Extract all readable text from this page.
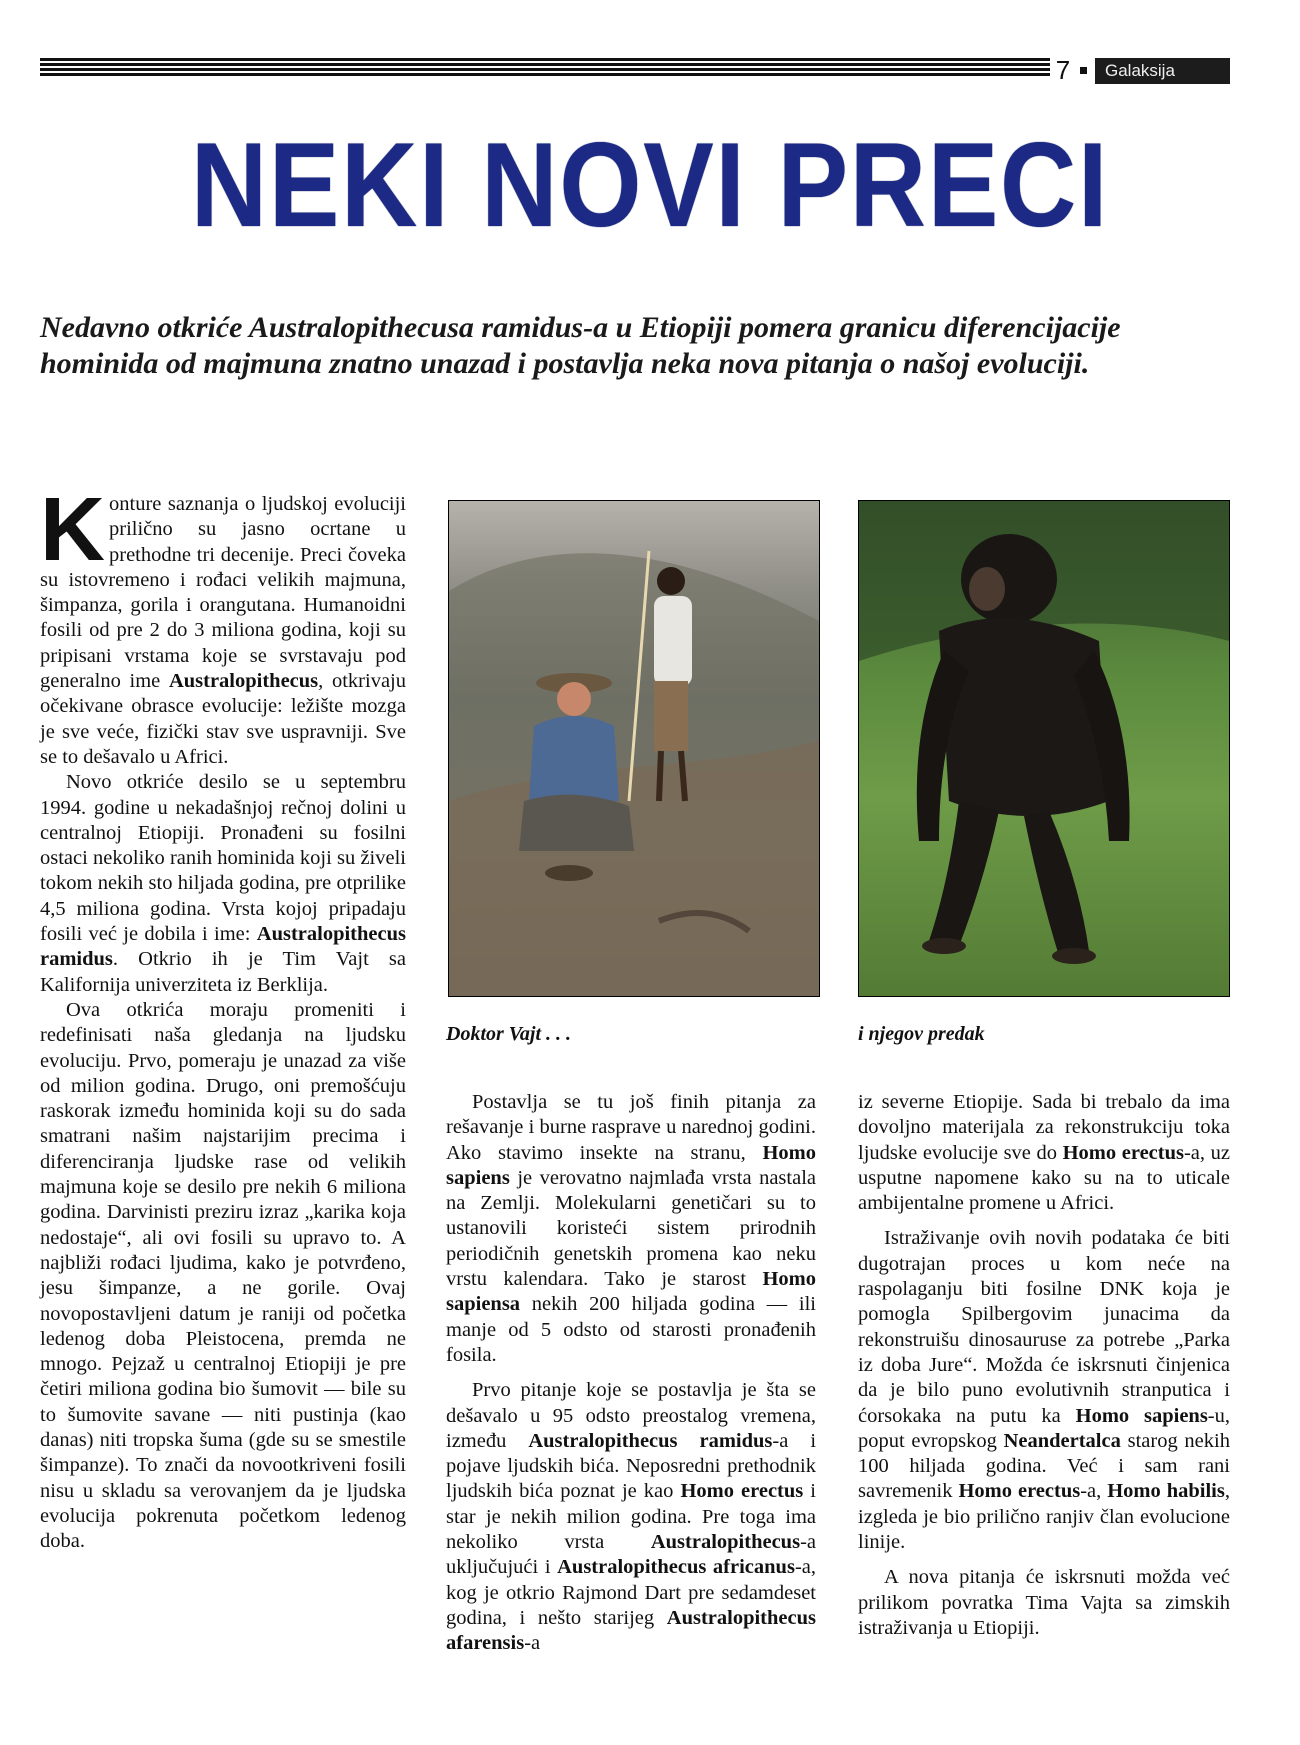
7	Galaksija
NEKI NOVI PRECI
Nedavno otkriće Australopithecusa ramidus-a u Etiopiji pomera granicu diferencijacije hominida od majmuna znatno unazad i postavlja neka nova pitanja o našoj evoluciji.

Konture saznanja o ljudskoj evoluciji prilično su jasno ocrtane u prethodne tri decenije. Preci čoveka su istovremeno i rođaci velikih majmuna, šimpanza, gorila i orangutana. Humanoidni fosili od pre 2 do 3 miliona godina, koji su pripisani vrstama koje se svrstavaju pod generalno ime Australopithecus, otkrivaju očekivane obrasce evolucije: ležište mozga je sve veće, fizički stav sve uspravniji. Sve se to dešavalo u Africi.

Novo otkriće desilo se u septembru 1994. godine u nekadašnjoj rečnoj dolini u centralnoj Etiopiji. Pronađeni su fosilni ostaci nekoliko ranih hominida koji su živeli tokom nekih sto hiljada godina, pre otprilike 4,5 miliona godina. Vrsta kojoj pripadaju fosili već je dobila i ime: Australopithecus ramidus. Otkrio ih je Tim Vajt sa Kalifornija univerziteta iz Berklija.

Ova otkrića moraju promeniti i redefinisati naša gledanja na ljudsku evoluciju. Prvo, pomeraju je unazad za više od milion godina. Drugo, oni premošćuju raskorak između hominida koji su do sada smatrani našim najstarijim precima i diferenciranja ljudske rase od velikih majmuna koje se desilo pre nekih 6 miliona godina. Darvinisti preziru izraz „karika koja nedostaje“, ali ovi fosili su upravo to. A najbliži rođaci ljudima, kako je potvrđeno, jesu šimpanze, a ne gorile. Ovaj novopostavljeni datum je raniji od početka ledenog doba Pleistocena, premda ne mnogo. Pejzaž u centralnoj Etiopiji je pre četiri miliona godina bio šumovit — bile su to šumovite savane — niti pustinja (kao danas) niti tropska šuma (gde su se smestile šimpanze). To znači da novootkriveni fosili nisu u skladu sa verovanjem da je ljudska evolucija pokrenuta početkom ledenog doba.

Doktor Vajt . . .	i njegov predak

Postavlja se tu još finih pitanja za rešavanje i burne rasprave u narednoj godini. Ako stavimo insekte na stranu, Homo sapiens je verovatno najmlađa vrsta nastala na Zemlji. Molekularni genetičari su to ustanovili koristeći sistem prirodnih periodičnih genetskih promena kao neku vrstu kalendara. Tako je starost Homo sapiensa nekih 200 hiljada godina — ili manje od 5 odsto od starosti pronađenih fosila.

Prvo pitanje koje se postavlja je šta se dešavalo u 95 odsto preostalog vremena, između Australopithecus ramidus-a i pojave ljudskih bića. Neposredni prethodnik ljudskih bića poznat je kao Homo erectus i star je nekih milion godina. Pre toga ima nekoliko vrsta Australopithecus-a uključujući i Australopithecus africanus-a, kog je otkrio Rajmond Dart pre sedamdeset godina, i nešto starijeg Australopithecus afarensis-a

iz severne Etiopije. Sada bi trebalo da ima dovoljno materijala za rekonstrukciju toka ljudske evolucije sve do Homo erectus-a, uz usputne napomene kako su na to uticale ambijentalne promene u Africi.

Istraživanje ovih novih podataka će biti dugotrajan proces u kom neće na raspolaganju biti fosilne DNK koja je pomogla Spilbergovim junacima da rekonstruišu dinosauruse za potrebe „Parka iz doba Jure“. Možda će iskrsnuti činjenica da je bilo puno evolutivnih stranputica i ćorsokaka na putu ka Homo sapiens-u, poput evropskog Neandertalca starog nekih 100 hiljada godina. Već i sam rani savremenik Homo erectus-a, Homo habilis, izgleda je bio prilično ranjiv član evolucione linije.

A nova pitanja će iskrsnuti možda već prilikom povratka Tima Vajta sa zimskih istraživanja u Etiopiji.
